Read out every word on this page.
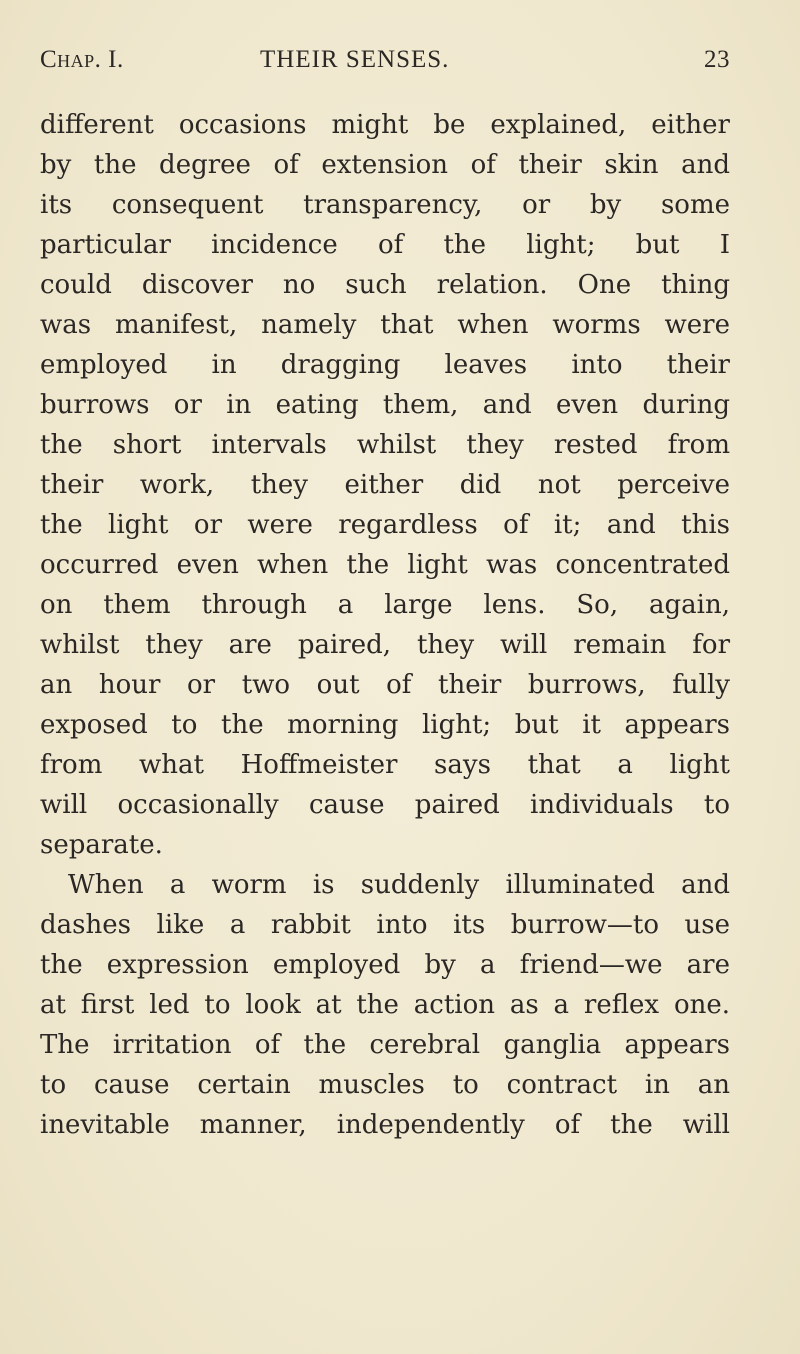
Chap. I.	THEIR SENSES.	23
different occasions might be explained, either
by the degree of extension of their skin and
its consequent transparency, or by some
particular incidence of the light; but I
could discover no such relation. One thing
was manifest, namely that when worms were
employed in dragging leaves into their
burrows or in eating them, and even during
the short intervals whilst they rested from
their work, they either did not perceive
the light or were regardless of it; and this
occurred even when the light was concentrated
on them through a large lens. So, again,
whilst they are paired, they will remain for
an hour or two out of their burrows, fully
exposed to the morning light; but it appears
from what Hoffmeister says that a light
will occasionally cause paired individuals to
separate.
When a worm is suddenly illuminated and
dashes like a rabbit into its burrow—to use
the expression employed by a friend—we are
at first led to look at the action as a reflex one.
The irritation of the cerebral ganglia appears
to cause certain muscles to contract in an
inevitable manner, independently of the will
